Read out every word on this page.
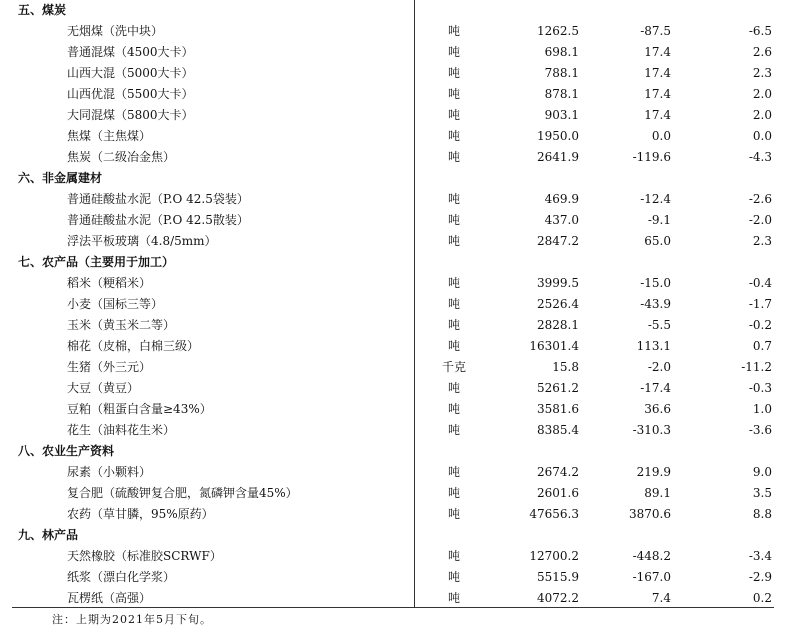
五、煤炭
无烟煤（洗中块）	吨	1262.5	-87.5	-6.5
普通混煤（4500大卡）	吨	698.1	17.4	2.6
山西大混（5000大卡）	吨	788.1	17.4	2.3
山西优混（5500大卡）	吨	878.1	17.4	2.0
大同混煤（5800大卡）	吨	903.1	17.4	2.0
焦煤（主焦煤）	吨	1950.0	0.0	0.0
焦炭（二级冶金焦）	吨	2641.9	-119.6	-4.3
六、非金属建材
普通硅酸盐水泥（P.O 42.5袋装）	吨	469.9	-12.4	-2.6
普通硅酸盐水泥（P.O 42.5散装）	吨	437.0	-9.1	-2.0
浮法平板玻璃（4.8/5mm）	吨	2847.2	65.0	2.3
七、农产品（主要用于加工）
稻米（粳稻米）	吨	3999.5	-15.0	-0.4
小麦（国标三等）	吨	2526.4	-43.9	-1.7
玉米（黄玉米二等）	吨	2828.1	-5.5	-0.2
棉花（皮棉，白棉三级）	吨	16301.4	113.1	0.7
生猪（外三元）	千克	15.8	-2.0	-11.2
大豆（黄豆）	吨	5261.2	-17.4	-0.3
豆粕（粗蛋白含量≥43%）	吨	3581.6	36.6	1.0
花生（油料花生米）	吨	8385.4	-310.3	-3.6
八、农业生产资料
尿素（小颗料）	吨	2674.2	219.9	9.0
复合肥（硫酸钾复合肥，氮磷钾含量45%）	吨	2601.6	89.1	3.5
农药（草甘膦，95%原药）	吨	47656.3	3870.6	8.8
九、林产品
天然橡胶（标准胶SCRWF）	吨	12700.2	-448.2	-3.4
纸浆（漂白化学浆）	吨	5515.9	-167.0	-2.9
瓦楞纸（高强）	吨	4072.2	7.4	0.2
注：上期为2021年5月下旬。
